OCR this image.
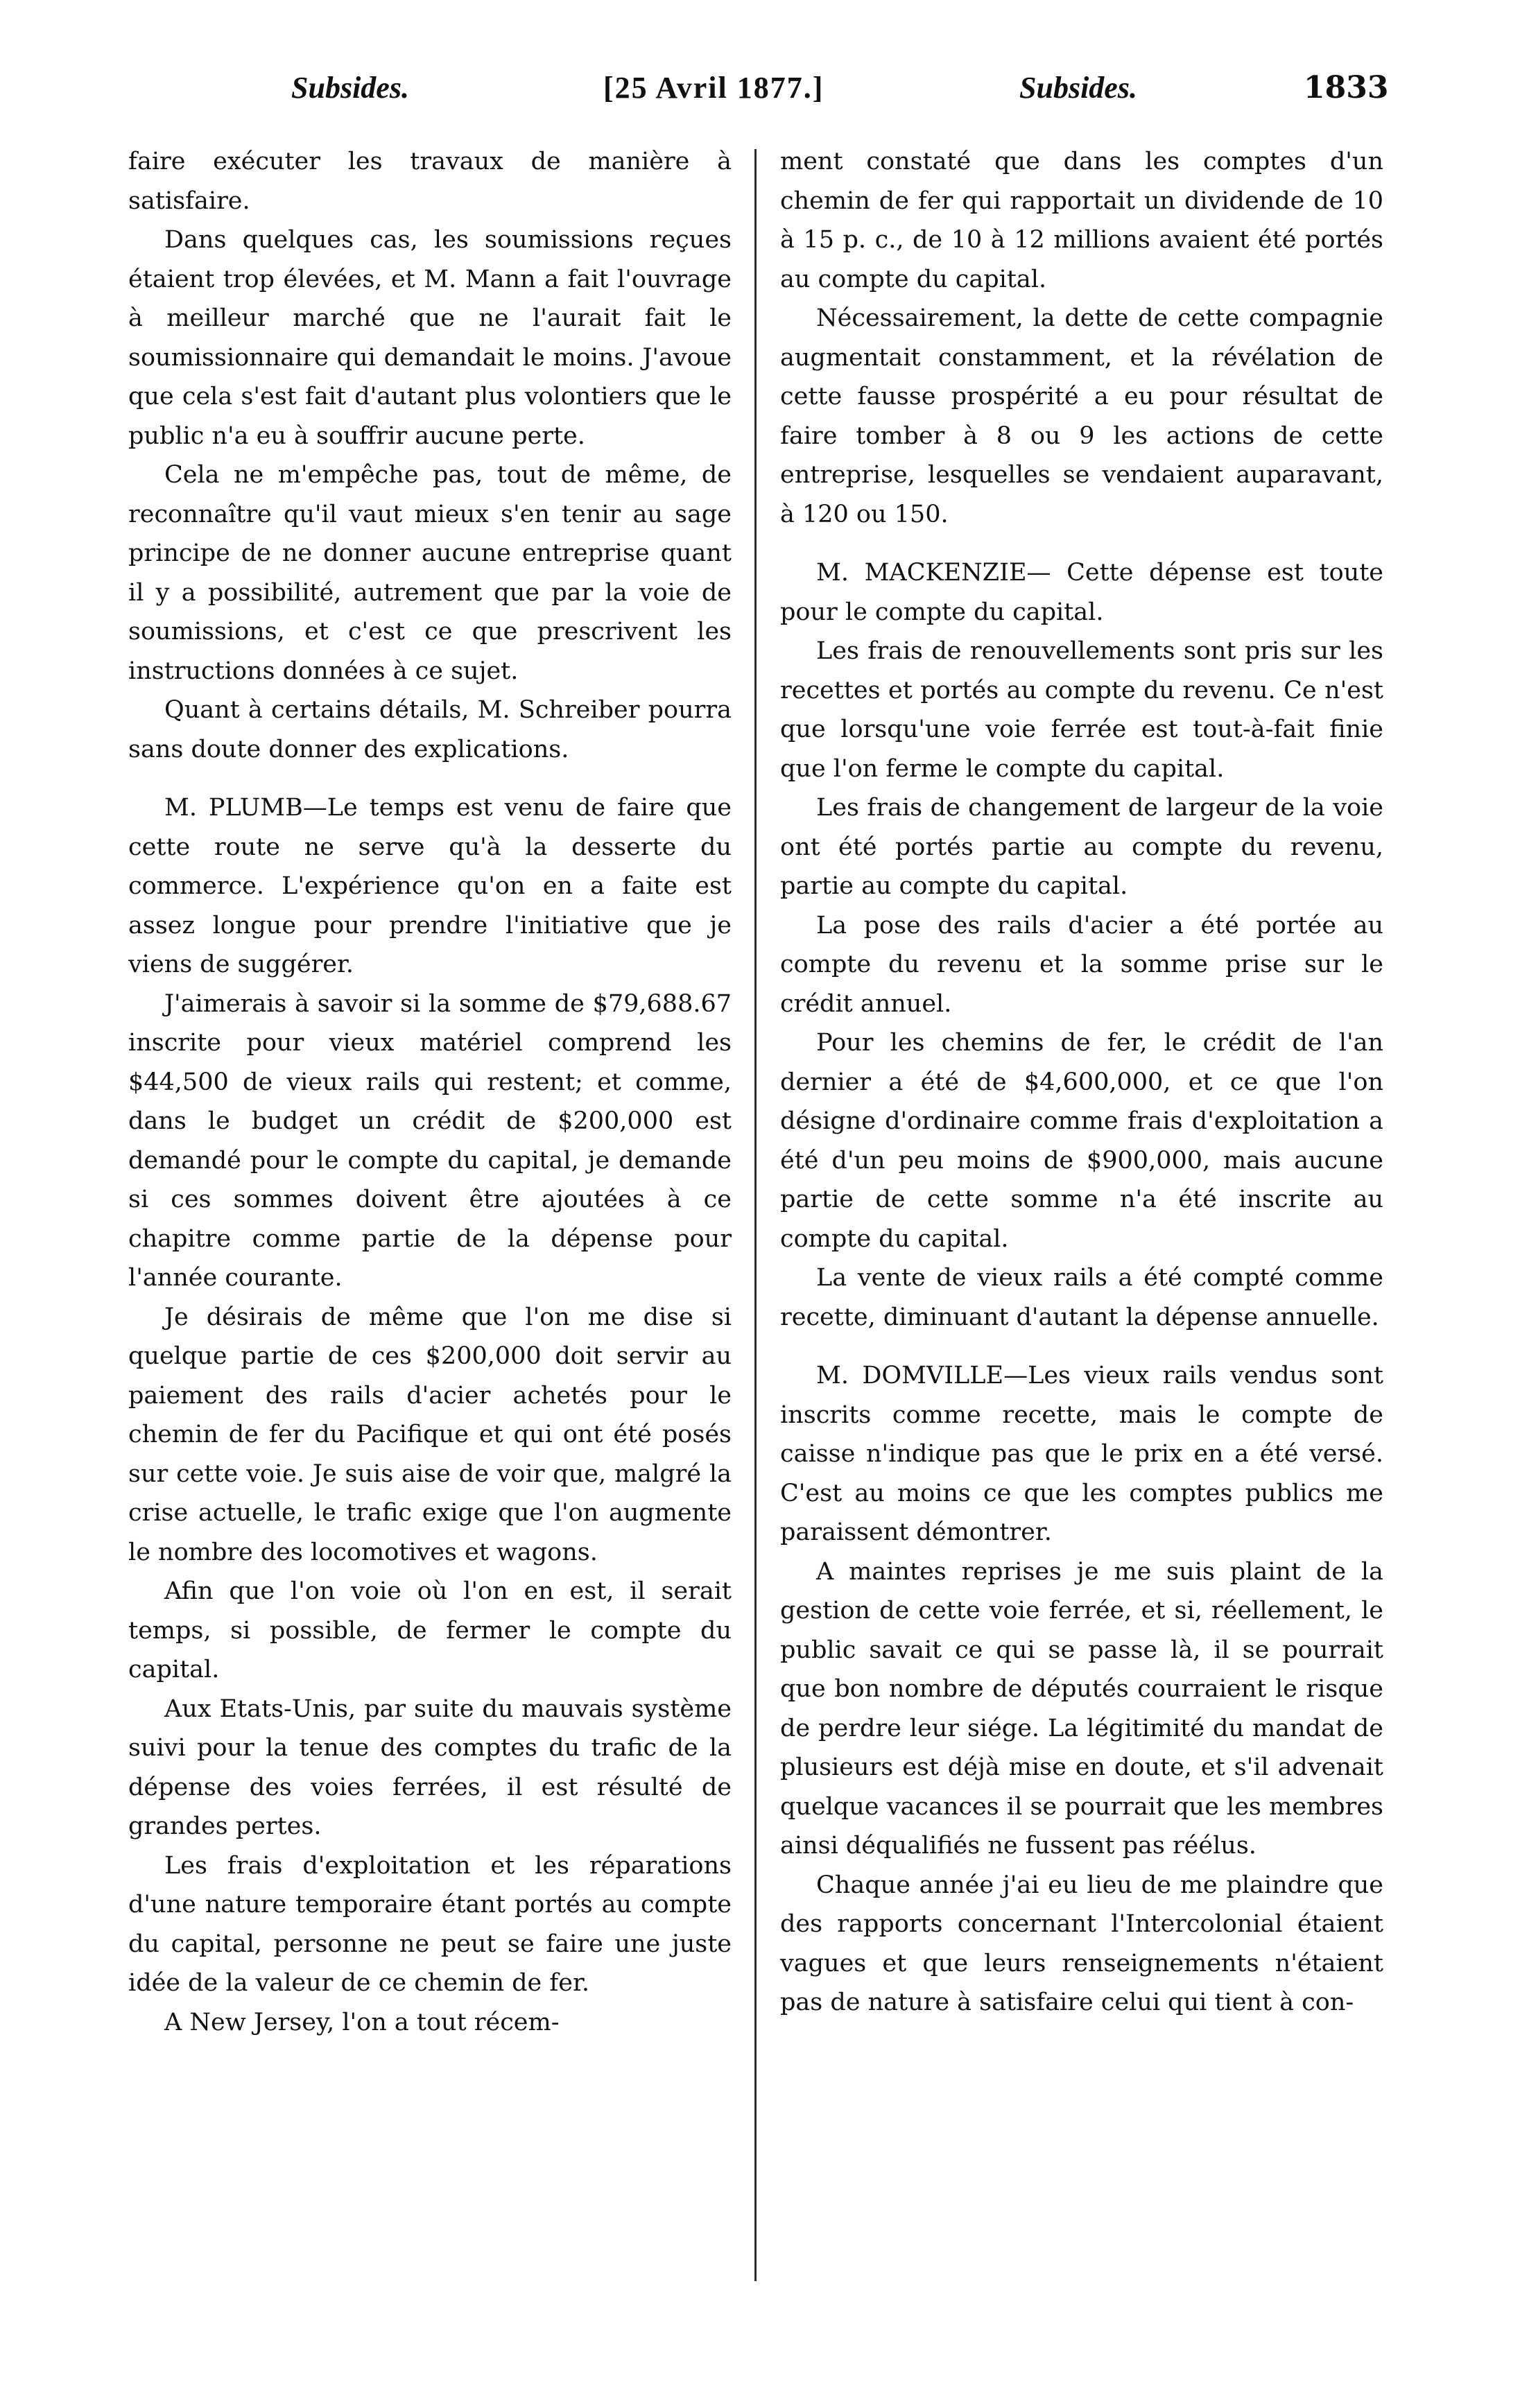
Subsides.	[25 Avril 1877.]	Subsides.	1833

faire exécuter les travaux de manière à satisfaire.

Dans quelques cas, les soumissions reçues étaient trop élevées, et M. Mann a fait l'ouvrage à meilleur marché que ne l'aurait fait le soumissionnaire qui demandait le moins. J'avoue que cela s'est fait d'autant plus volontiers que le public n'a eu à souffrir aucune perte.

Cela ne m'empêche pas, tout de même, de reconnaître qu'il vaut mieux s'en tenir au sage principe de ne donner aucune entreprise quant il y a possibilité, autrement que par la voie de soumissions, et c'est ce que prescrivent les instructions données à ce sujet.

Quant à certains détails, M. Schreiber pourra sans doute donner des explications.

M. PLUMB—Le temps est venu de faire que cette route ne serve qu'à la desserte du commerce. L'expérience qu'on en a faite est assez longue pour prendre l'initiative que je viens de suggérer.

J'aimerais à savoir si la somme de $79,688.67 inscrite pour vieux matériel comprend les $44,500 de vieux rails qui restent; et comme, dans le budget un crédit de $200,000 est demandé pour le compte du capital, je demande si ces sommes doivent être ajoutées à ce chapitre comme partie de la dépense pour l'année courante.

Je désirais de même que l'on me dise si quelque partie de ces $200,000 doit servir au paiement des rails d'acier achetés pour le chemin de fer du Pacifique et qui ont été posés sur cette voie. Je suis aise de voir que, malgré la crise actuelle, le trafic exige que l'on augmente le nombre des locomotives et wagons.

Afin que l'on voie où l'on en est, il serait temps, si possible, de fermer le compte du capital.

Aux Etats-Unis, par suite du mauvais système suivi pour la tenue des comptes du trafic de la dépense des voies ferrées, il est résulté de grandes pertes.

Les frais d'exploitation et les réparations d'une nature temporaire étant portés au compte du capital, personne ne peut se faire une juste idée de la valeur de ce chemin de fer.

A New Jersey, l'on a tout récem-

ment constaté que dans les comptes d'un chemin de fer qui rapportait un dividende de 10 à 15 p. c., de 10 à 12 millions avaient été portés au compte du capital.

Nécessairement, la dette de cette compagnie augmentait constamment, et la révélation de cette fausse prospérité a eu pour résultat de faire tomber à 8 ou 9 les actions de cette entreprise, lesquelles se vendaient auparavant, à 120 ou 150.

M. MACKENZIE— Cette dépense est toute pour le compte du capital.

Les frais de renouvellements sont pris sur les recettes et portés au compte du revenu. Ce n'est que lorsqu'une voie ferrée est tout-à-fait finie que l'on ferme le compte du capital.

Les frais de changement de largeur de la voie ont été portés partie au compte du revenu, partie au compte du capital.

La pose des rails d'acier a été portée au compte du revenu et la somme prise sur le crédit annuel.

Pour les chemins de fer, le crédit de l'an dernier a été de $4,600,000, et ce que l'on désigne d'ordinaire comme frais d'exploitation a été d'un peu moins de $900,000, mais aucune partie de cette somme n'a été inscrite au compte du capital.

La vente de vieux rails a été compté comme recette, diminuant d'autant la dépense annuelle.

M. DOMVILLE—Les vieux rails vendus sont inscrits comme recette, mais le compte de caisse n'indique pas que le prix en a été versé. C'est au moins ce que les comptes publics me paraissent démontrer.

A maintes reprises je me suis plaint de la gestion de cette voie ferrée, et si, réellement, le public savait ce qui se passe là, il se pourrait que bon nombre de députés courraient le risque de perdre leur siége. La légitimité du mandat de plusieurs est déjà mise en doute, et s'il advenait quelque vacances il se pourrait que les membres ainsi déqualifiés ne fussent pas réélus.

Chaque année j'ai eu lieu de me plaindre que des rapports concernant l'Intercolonial étaient vagues et que leurs renseignements n'étaient pas de nature à satisfaire celui qui tient à con-
